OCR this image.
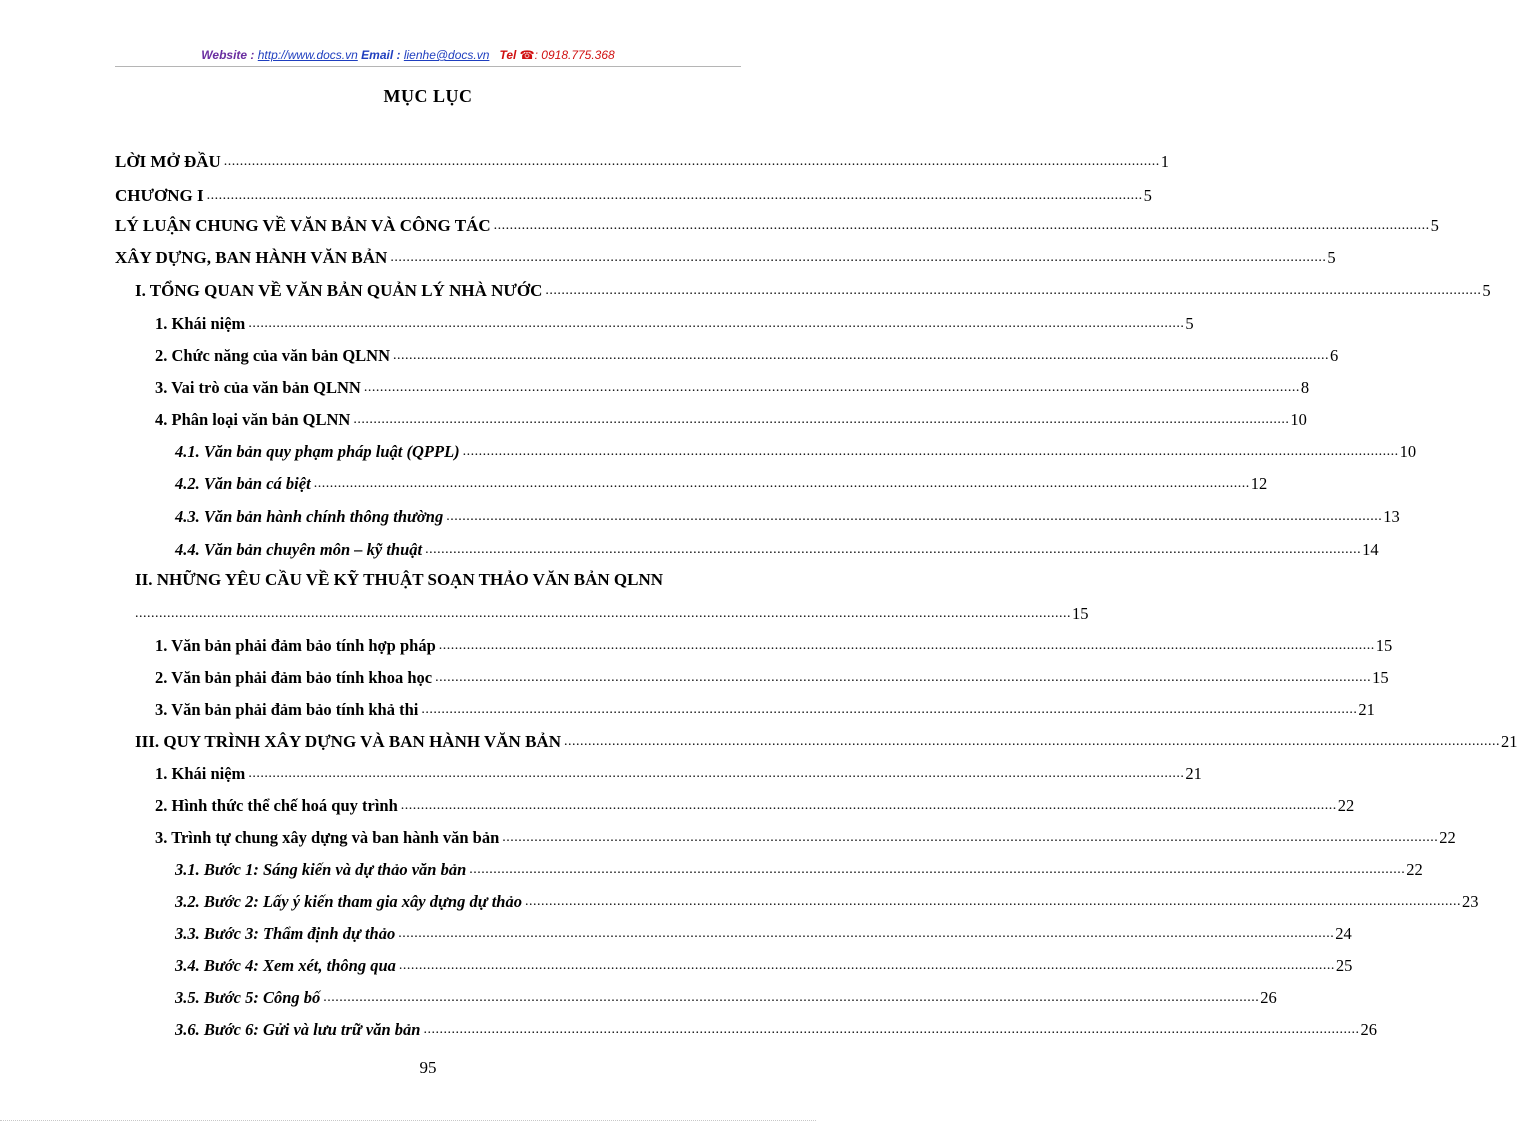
Website : http://www.docs.vn Email : lienhe@docs.vn Tel ☎: 0918.775.368
MỤC LỤC
LỜI MỞ ĐẦU .......................................................................................................................................................................................................................................... 1
CHƯƠNG I .......................................................................................................................................................................................................................................... 5
LÝ LUẬN CHUNG VỀ VĂN BẢN VÀ CÔNG TÁC .......................................................................................................................................................................................................................................... 5
XÂY DỰNG, BAN HÀNH VĂN BẢN .......................................................................................................................................................................................................................................... 5
I. TỔNG QUAN VỀ VĂN BẢN QUẢN LÝ NHÀ NƯỚC .......................................................................................................................................................................................................................................... 5
1. Khái niệm .......................................................................................................................................................................................................................................... 5
2. Chức năng của văn bản QLNN .......................................................................................................................................................................................................................................... 6
3. Vai trò của văn bản QLNN .......................................................................................................................................................................................................................................... 8
4. Phân loại văn bản QLNN .......................................................................................................................................................................................................................................... 10
4.1. Văn bản quy phạm pháp luật (QPPL) .......................................................................................................................................................................................................................................... 10
4.2. Văn bản cá biệt .......................................................................................................................................................................................................................................... 12
4.3. Văn bản hành chính thông thường .......................................................................................................................................................................................................................................... 13
4.4. Văn bản chuyên môn – kỹ thuật .......................................................................................................................................................................................................................................... 14
II. NHỮNG YÊU CẦU VỀ KỸ THUẬT SOẠN THẢO VĂN BẢN QLNN
.......................................................................................................................................................................................................................................... 15
1. Văn bản phải đảm bảo tính hợp pháp .......................................................................................................................................................................................................................................... 15
2. Văn bản phải đảm bảo tính khoa học .......................................................................................................................................................................................................................................... 15
3. Văn bản phải đảm bảo tính khả thi .......................................................................................................................................................................................................................................... 21
III. QUY TRÌNH XÂY DỰNG VÀ BAN HÀNH VĂN BẢN .......................................................................................................................................................................................................................................... 21
1. Khái niệm .......................................................................................................................................................................................................................................... 21
2. Hình thức thể chế hoá quy trình .......................................................................................................................................................................................................................................... 22
3. Trình tự chung xây dựng và ban hành văn bản .......................................................................................................................................................................................................................................... 22
3.1. Bước 1: Sáng kiến và dự thảo văn bản .......................................................................................................................................................................................................................................... 22
3.2. Bước 2: Lấy ý kiến tham gia xây dựng dự thảo .......................................................................................................................................................................................................................................... 23
3.3. Bước 3: Thẩm định dự thảo .......................................................................................................................................................................................................................................... 24
3.4. Bước 4: Xem xét, thông qua .......................................................................................................................................................................................................................................... 25
3.5. Bước 5: Công bố .......................................................................................................................................................................................................................................... 26
3.6. Bước 6: Gửi và lưu trữ văn bản .......................................................................................................................................................................................................................................... 26
95
